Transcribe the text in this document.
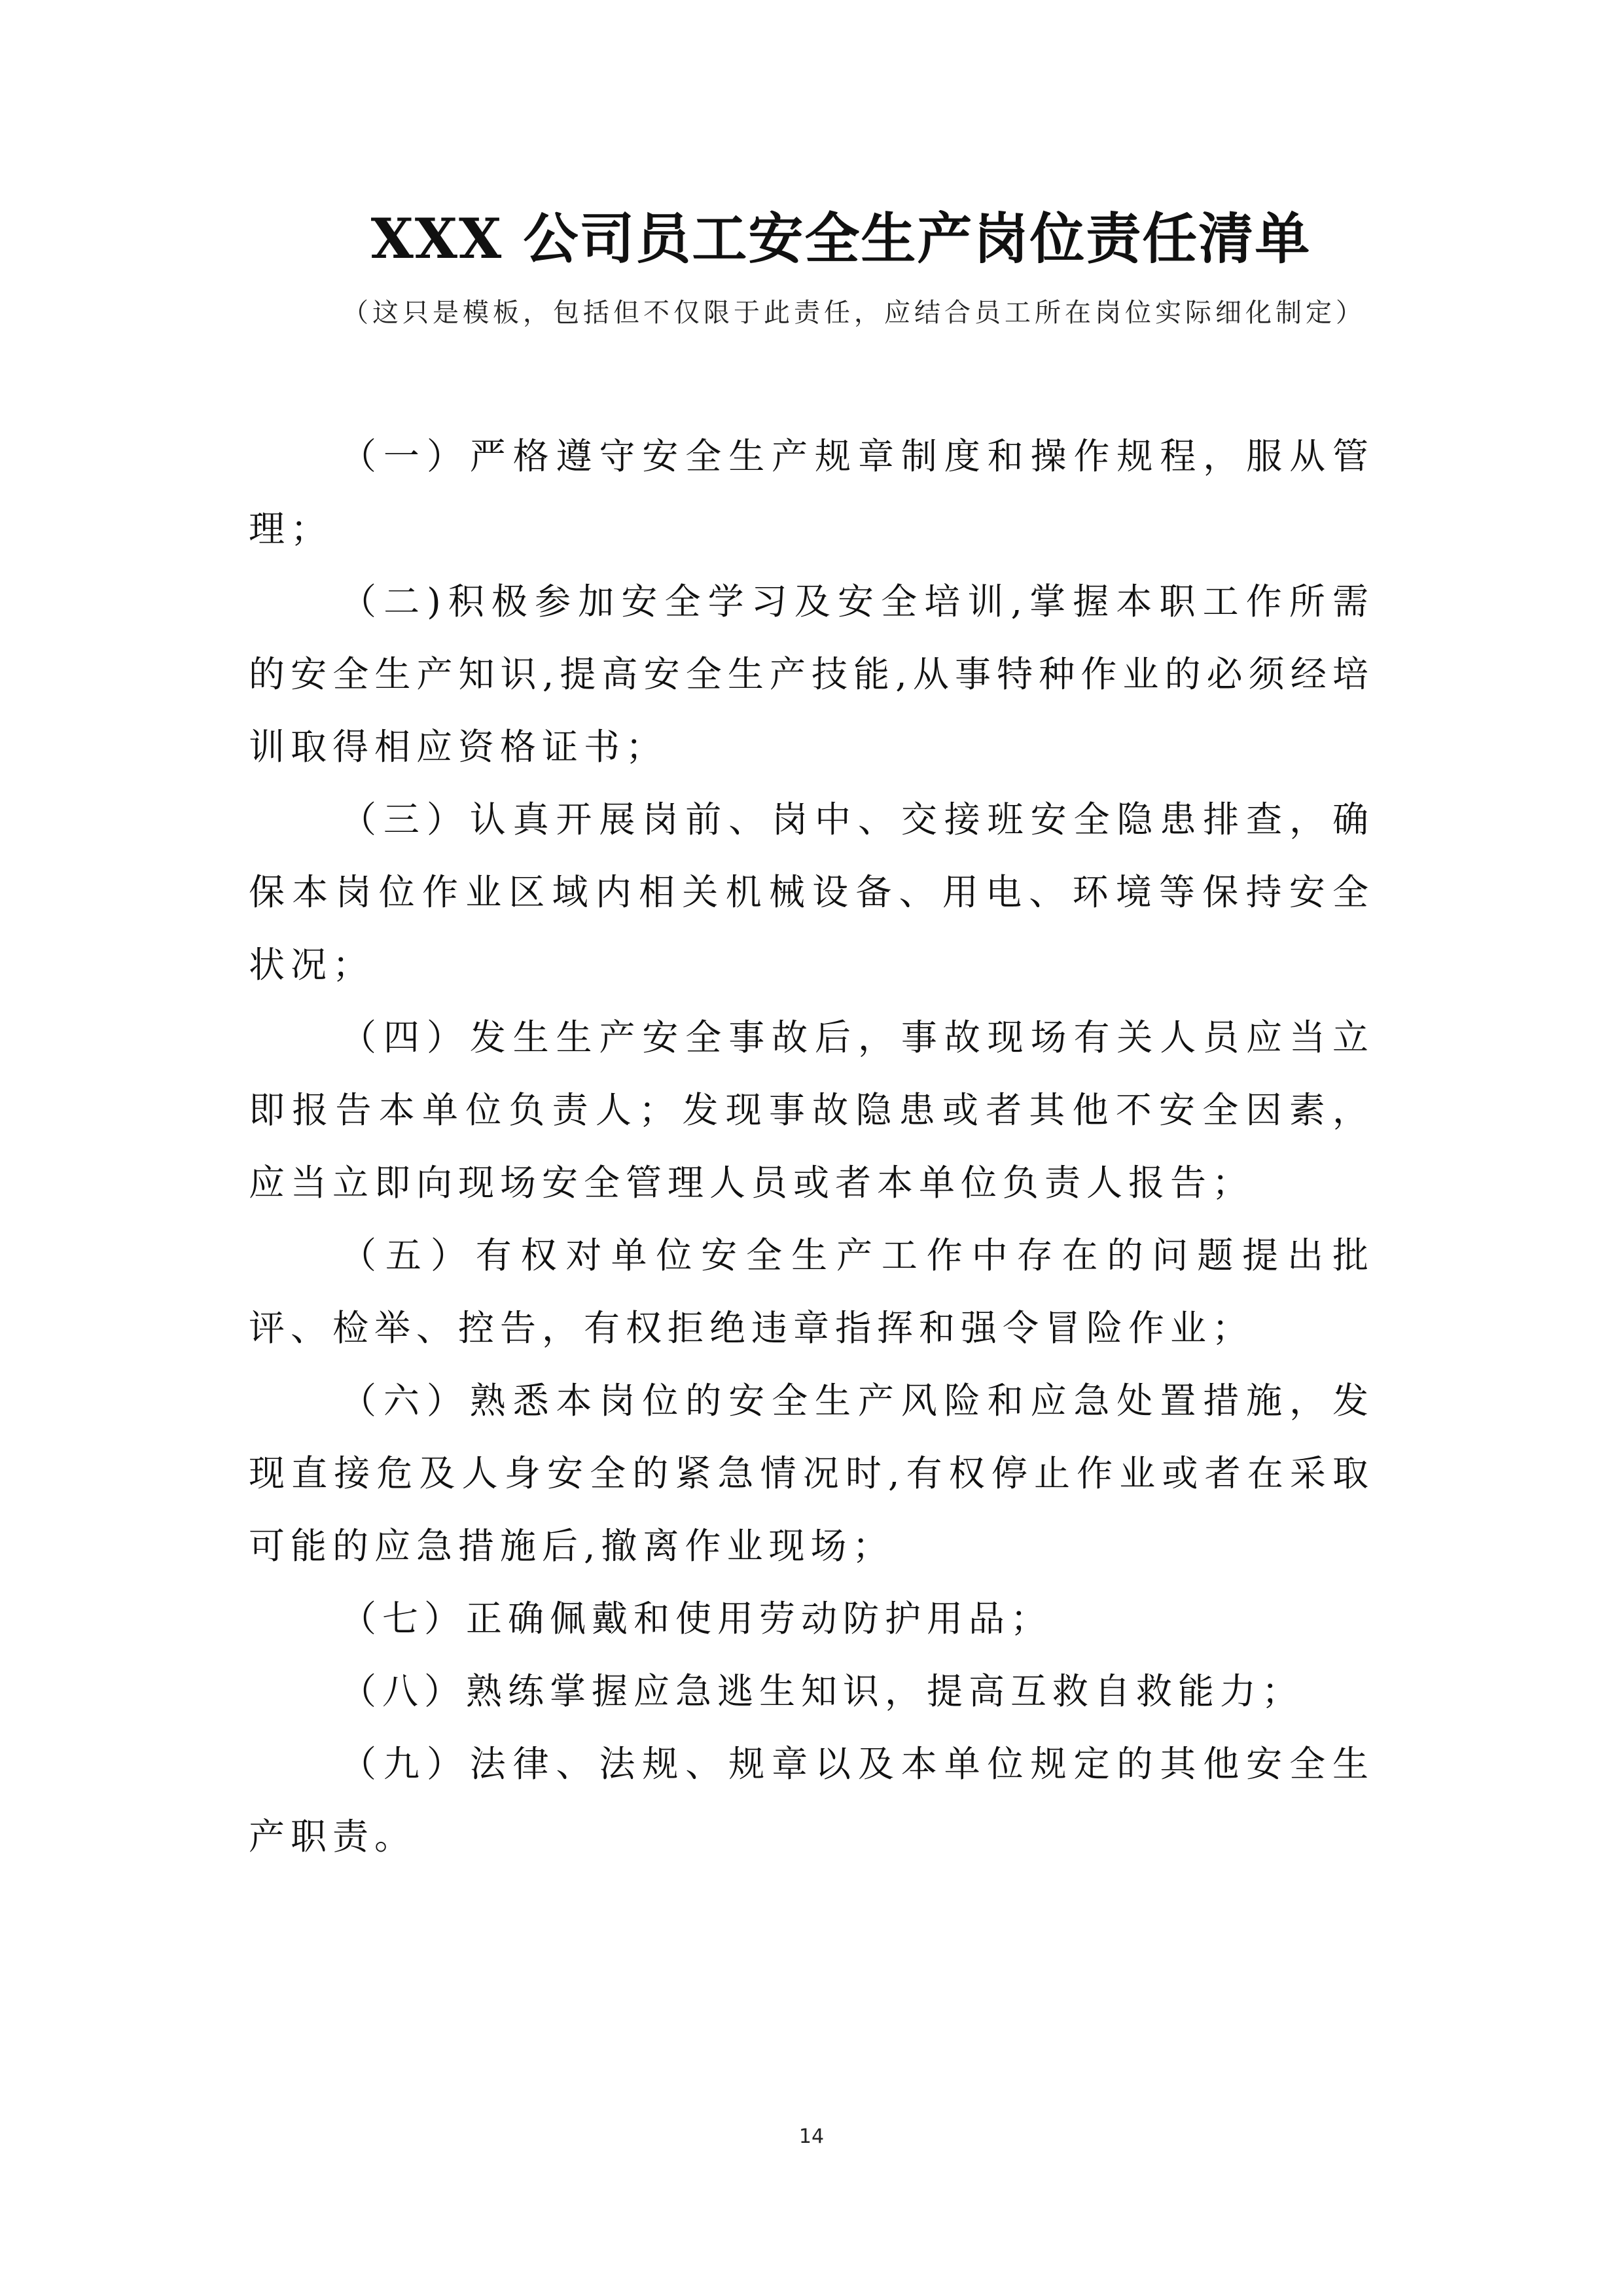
XXX 公司员工安全生产岗位责任清单
（这只是模板，包括但不仅限于此责任，应结合员工所在岗位实际细化制定）

（一）严格遵守安全生产规章制度和操作规程，服从管理；

（二)积极参加安全学习及安全培训,掌握本职工作所需的安全生产知识,提高安全生产技能,从事特种作业的必须经培训取得相应资格证书；

（三）认真开展岗前、岗中、交接班安全隐患排查，确保本岗位作业区域内相关机械设备、用电、环境等保持安全状况；

（四）发生生产安全事故后，事故现场有关人员应当立即报告本单位负责人；发现事故隐患或者其他不安全因素，应当立即向现场安全管理人员或者本单位负责人报告；

（五）有权对单位安全生产工作中存在的问题提出批评、检举、控告，有权拒绝违章指挥和强令冒险作业；

（六）熟悉本岗位的安全生产风险和应急处置措施，发现直接危及人身安全的紧急情况时,有权停止作业或者在采取可能的应急措施后,撤离作业现场；

（七）正确佩戴和使用劳动防护用品；

（八）熟练掌握应急逃生知识，提高互救自救能力；

（九）法律、法规、规章以及本单位规定的其他安全生产职责。

14
